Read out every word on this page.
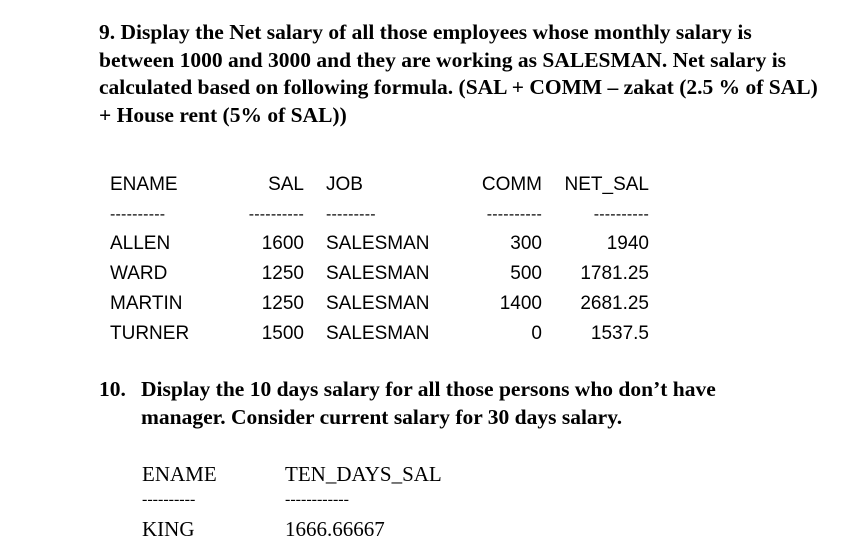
9. Display the Net salary of all those employees whose monthly salary is between 1000 and 3000 and they are working as SALESMAN. Net salary is calculated based on following formula. (SAL + COMM – zakat (2.5 % of SAL) + House rent (5% of SAL))
ENAME	SAL JOB	COMM	NET_SAL
----------	---------- ---------	----------	----------
ALLEN	1600 SALESMAN	300	1940
WARD	1250 SALESMAN	500	1781.25
MARTIN	1250 SALESMAN	1400	2681.25
TURNER	1500 SALESMAN	0	1537.5
10. Display the 10 days salary for all those persons who don’t have
manager. Consider current salary for 30 days salary.
ENAME	TEN_DAYS_SAL
----------	------------
KING	1666.66667
